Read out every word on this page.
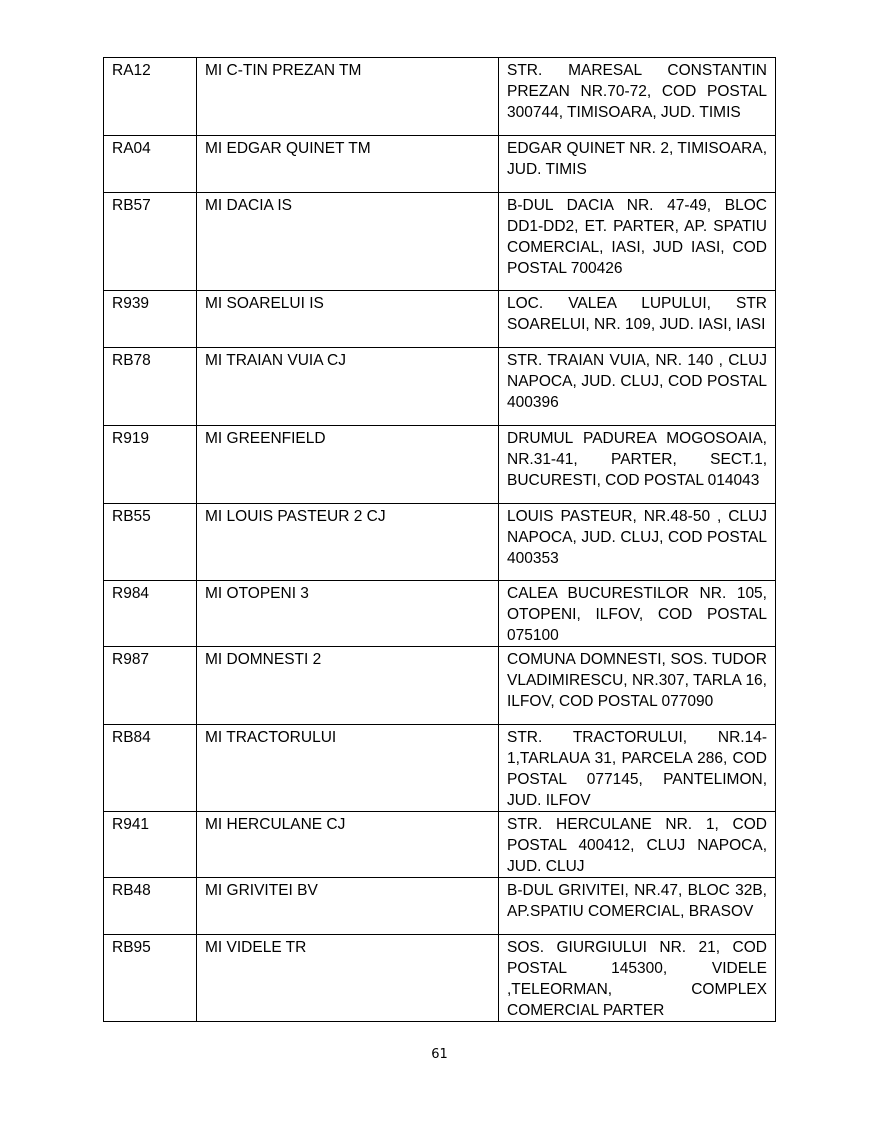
RA12	MI C-TIN PREZAN TM	STR. MARESAL CONSTANTIN PREZAN NR.70-72, COD POSTAL 300744, TIMISOARA, JUD. TIMIS
RA04	MI EDGAR QUINET TM	EDGAR QUINET NR. 2, TIMISOARA, JUD. TIMIS
RB57	MI DACIA IS	B-DUL DACIA NR. 47-49, BLOC DD1-DD2, ET. PARTER, AP. SPATIU COMERCIAL, IASI, JUD IASI, COD POSTAL 700426
R939	MI SOARELUI IS	LOC. VALEA LUPULUI, STR SOARELUI, NR. 109, JUD. IASI, IASI
RB78	MI TRAIAN VUIA CJ	STR. TRAIAN VUIA, NR. 140 , CLUJ NAPOCA, JUD. CLUJ, COD POSTAL 400396
R919	MI GREENFIELD	DRUMUL PADUREA MOGOSOAIA, NR.31-41, PARTER, SECT.1, BUCURESTI, COD POSTAL 014043
RB55	MI LOUIS PASTEUR 2 CJ	LOUIS PASTEUR, NR.48-50 , CLUJ NAPOCA, JUD. CLUJ, COD POSTAL 400353
R984	MI OTOPENI 3	CALEA BUCURESTILOR NR. 105, OTOPENI, ILFOV, COD POSTAL 075100
R987	MI DOMNESTI 2	COMUNA DOMNESTI, SOS. TUDOR VLADIMIRESCU, NR.307, TARLA 16, ILFOV, COD POSTAL 077090
RB84	MI TRACTORULUI	STR. TRACTORULUI, NR.14-1,TARLAUA 31, PARCELA 286, COD POSTAL 077145, PANTELIMON, JUD. ILFOV
R941	MI HERCULANE CJ	STR. HERCULANE NR. 1, COD POSTAL 400412, CLUJ NAPOCA, JUD. CLUJ
RB48	MI GRIVITEI BV	B-DUL GRIVITEI, NR.47, BLOC 32B, AP.SPATIU COMERCIAL, BRASOV
RB95	MI VIDELE TR	SOS. GIURGIULUI NR. 21, COD POSTAL 145300, VIDELE ,TELEORMAN, COMPLEX COMERCIAL PARTER
61
